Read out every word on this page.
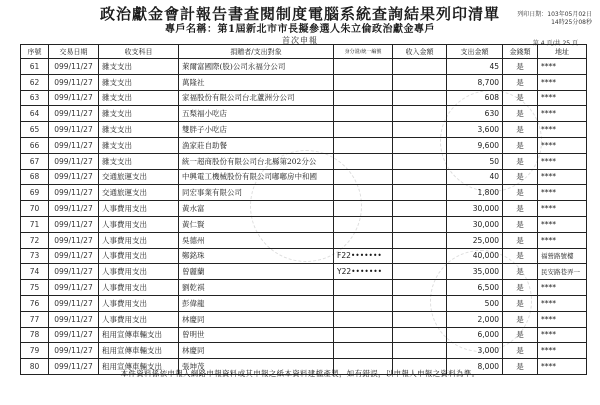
政治獻金會計報告書查閱制度電腦系統查詢結果列印清單
專戶名稱：第1屆新北市市長擬參選人朱立倫政治獻金專戶
首次申報
列印日期：103年05月02日
14時25分08秒
第 4 頁/共 25 頁
序號	交易日期	收支科目	捐贈者/支出對象	身分證/統一編號	收入金額	支出金額	金錢類	地址
61	099/11/27	雜支支出	萊爾富國際(股)公司永福分公司			45	是	****
62	099/11/27	雜支支出	萬隆社			8,700	是	****
63	099/11/27	雜支支出	家福股份有限公司台北蘆洲分公司			608	是	****
64	099/11/27	雜支支出	五梨福小吃店			630	是	****
65	099/11/27	雜支支出	雙胖子小吃店			3,600	是	****
66	099/11/27	雜支支出	漁家莊自助餐			9,600	是	****
67	099/11/27	雜支支出	統一超商股份有限公司台北縣第202分公			50	是	****
68	099/11/27	交通旅運支出	中興電工機械股份有限公司嘟嘟房中和國			40	是	****
69	099/11/27	交通旅運支出	同宏事業有限公司			1,800	是	****
70	099/11/27	人事費用支出	黃水富			30,000	是	****
71	099/11/27	人事費用支出	黃仁賢			30,000	是	****
72	099/11/27	人事費用支出	吳德州			25,000	是	****
73	099/11/27	人事費用支出	鄭銘珠	F22•••••••		40,000	是	福營路號樓
74	099/11/27	人事費用支出	曾麗蘭	Y22•••••••		35,000	是	民安路巷弄一
75	099/11/27	人事費用支出	劉乾祺			6,500	是	****
76	099/11/27	人事費用支出	彭偉龍			500	是	****
77	099/11/27	人事費用支出	林慶同			2,000	是	****
78	099/11/27	租用宣傳車輛支出	曾明世			6,000	是	****
79	099/11/27	租用宣傳車輛支出	林慶同			3,000	是	****
80	099/11/27	租用宣傳車輛支出	張坤茂			8,000	是	****
本件資料係依申報人網路申報資料或其申報之紙本資料建檔產製，如有錯誤，以申報人申報之資料為準。
